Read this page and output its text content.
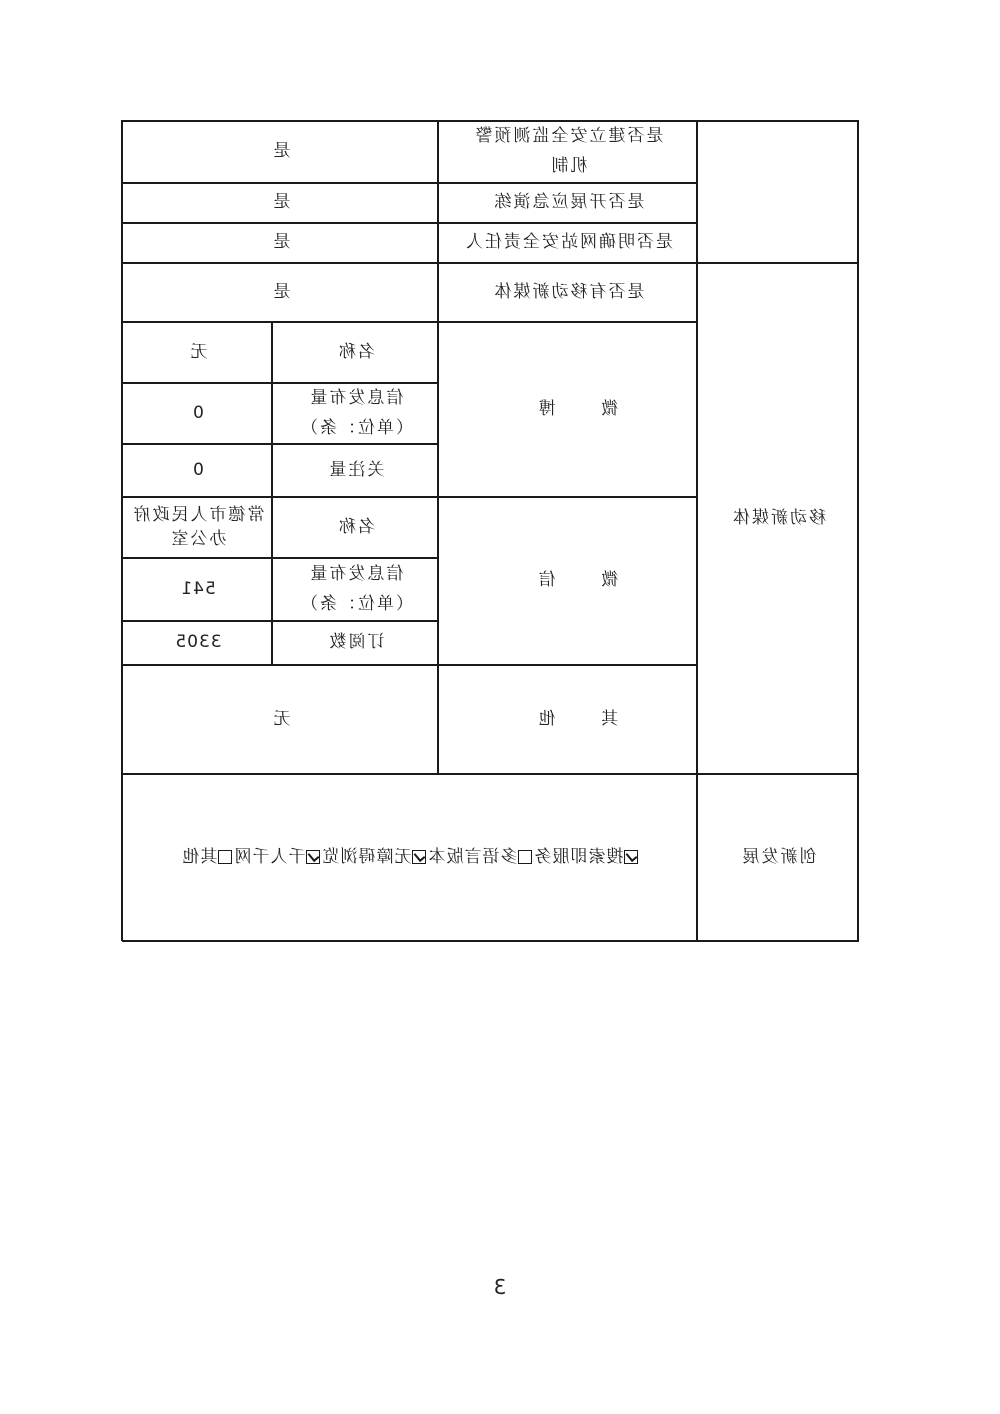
是否建立安全监测预警机制
是
是否开展应急演练
是
是否明确网站安全责任人
是
移动新媒体
是否有移动新媒体
是
微 博
名称
无
信息发布量（单位：条）
0
关注量
0
微 信
名称
常德市人民政府办公室
信息发布量（单位：条）
541
订阅数
3305
其 他
无
创新发展
搜索即服务多语言版本无障碍浏览千人千网其他
3
